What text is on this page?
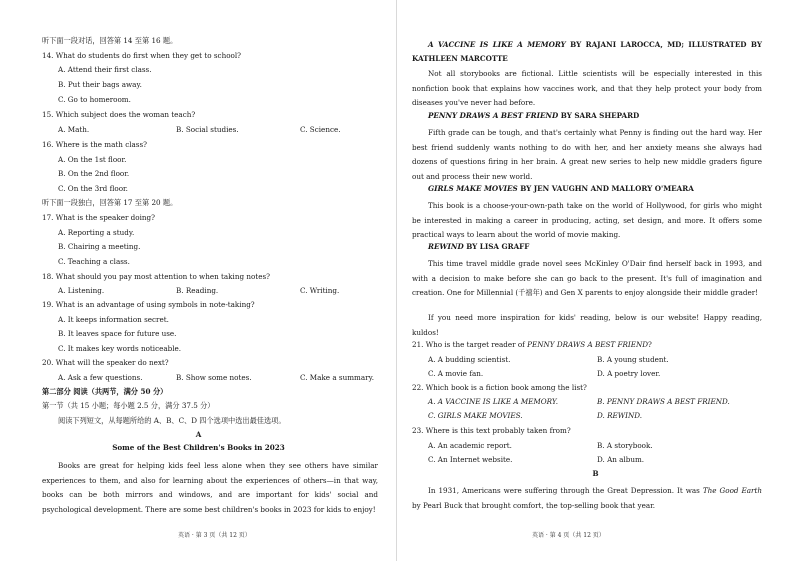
听下面一段对话，回答第 14 至第 16 题。
14. What do students do first when they get to school?
A. Attend their first class.
B. Put their bags away.
C. Go to homeroom.
15. Which subject does the woman teach?
A. Math.	B. Social studies.	C. Science.
16. Where is the math class?
A. On the 1st floor.
B. On the 2nd floor.
C. On the 3rd floor.
听下面一段独白，回答第 17 至第 20 题。
17. What is the speaker doing?
A. Reporting a study.
B. Chairing a meeting.
C. Teaching a class.
18. What should you pay most attention to when taking notes?
A. Listening.	B. Reading.	C. Writing.
19. What is an advantage of using symbols in note-taking?
A. It keeps information secret.
B. It leaves space for future use.
C. It makes key words noticeable.
20. What will the speaker do next?
A. Ask a few questions.	B. Show some notes.	C. Make a summary.
第二部分 阅读（共两节，满分 50 分）
第一节（共 15 小题；每小题 2.5 分，满分 37.5 分）
阅读下列短文，从每题所给的 A、B、C、D 四个选项中选出最佳选项。
A
Some of the Best Children's Books in 2023
Books are great for helping kids feel less alone when they see others have similar experiences to them, and also for learning about the experiences of others—in that way, books can be both mirrors and windows, and are important for kids' social and psychological development. There are some best children's books in 2023 for kids to enjoy!
英语 · 第 3 页（共 12 页）
A VACCINE IS LIKE A MEMORY BY RAJANI LAROCCA, MD; ILLUSTRATED BY KATHLEEN MARCOTTE
Not all storybooks are fictional. Little scientists will be especially interested in this nonfiction book that explains how vaccines work, and that they help protect your body from diseases you've never had before.
PENNY DRAWS A BEST FRIEND BY SARA SHEPARD
Fifth grade can be tough, and that's certainly what Penny is finding out the hard way. Her best friend suddenly wants nothing to do with her, and her anxiety means she always had dozens of questions firing in her brain. A great new series to help new middle graders figure out and process their new world.
GIRLS MAKE MOVIES BY JEN VAUGHN AND MALLORY O'MEARA
This book is a choose-your-own-path take on the world of Hollywood, for girls who might be interested in making a career in producing, acting, set design, and more. It offers some practical ways to learn about the world of movie making.
REWIND BY LISA GRAFF
This time travel middle grade novel sees McKinley O'Dair find herself back in 1993, and with a decision to make before she can go back to the present. It's full of imagination and creation. One for Millennial (千禧年) and Gen X parents to enjoy alongside their middle grader!
If you need more inspiration for kids' reading, below is our website! Happy reading, kuldos!
21. Who is the target reader of PENNY DRAWS A BEST FRIEND?
A. A budding scientist.	B. A young student.
C. A movie fan.	D. A poetry lover.
22. Which book is a fiction book among the list?
A. A VACCINE IS LIKE A MEMORY.	B. PENNY DRAWS A BEST FRIEND.
C. GIRLS MAKE MOVIES.	D. REWIND.
23. Where is this text probably taken from?
A. An academic report.	B. A storybook.
C. An Internet website.	D. An album.
B
In 1931, Americans were suffering through the Great Depression. It was The Good Earth by Pearl Buck that brought comfort, the top-selling book that year.
英语 · 第 4 页（共 12 页）
